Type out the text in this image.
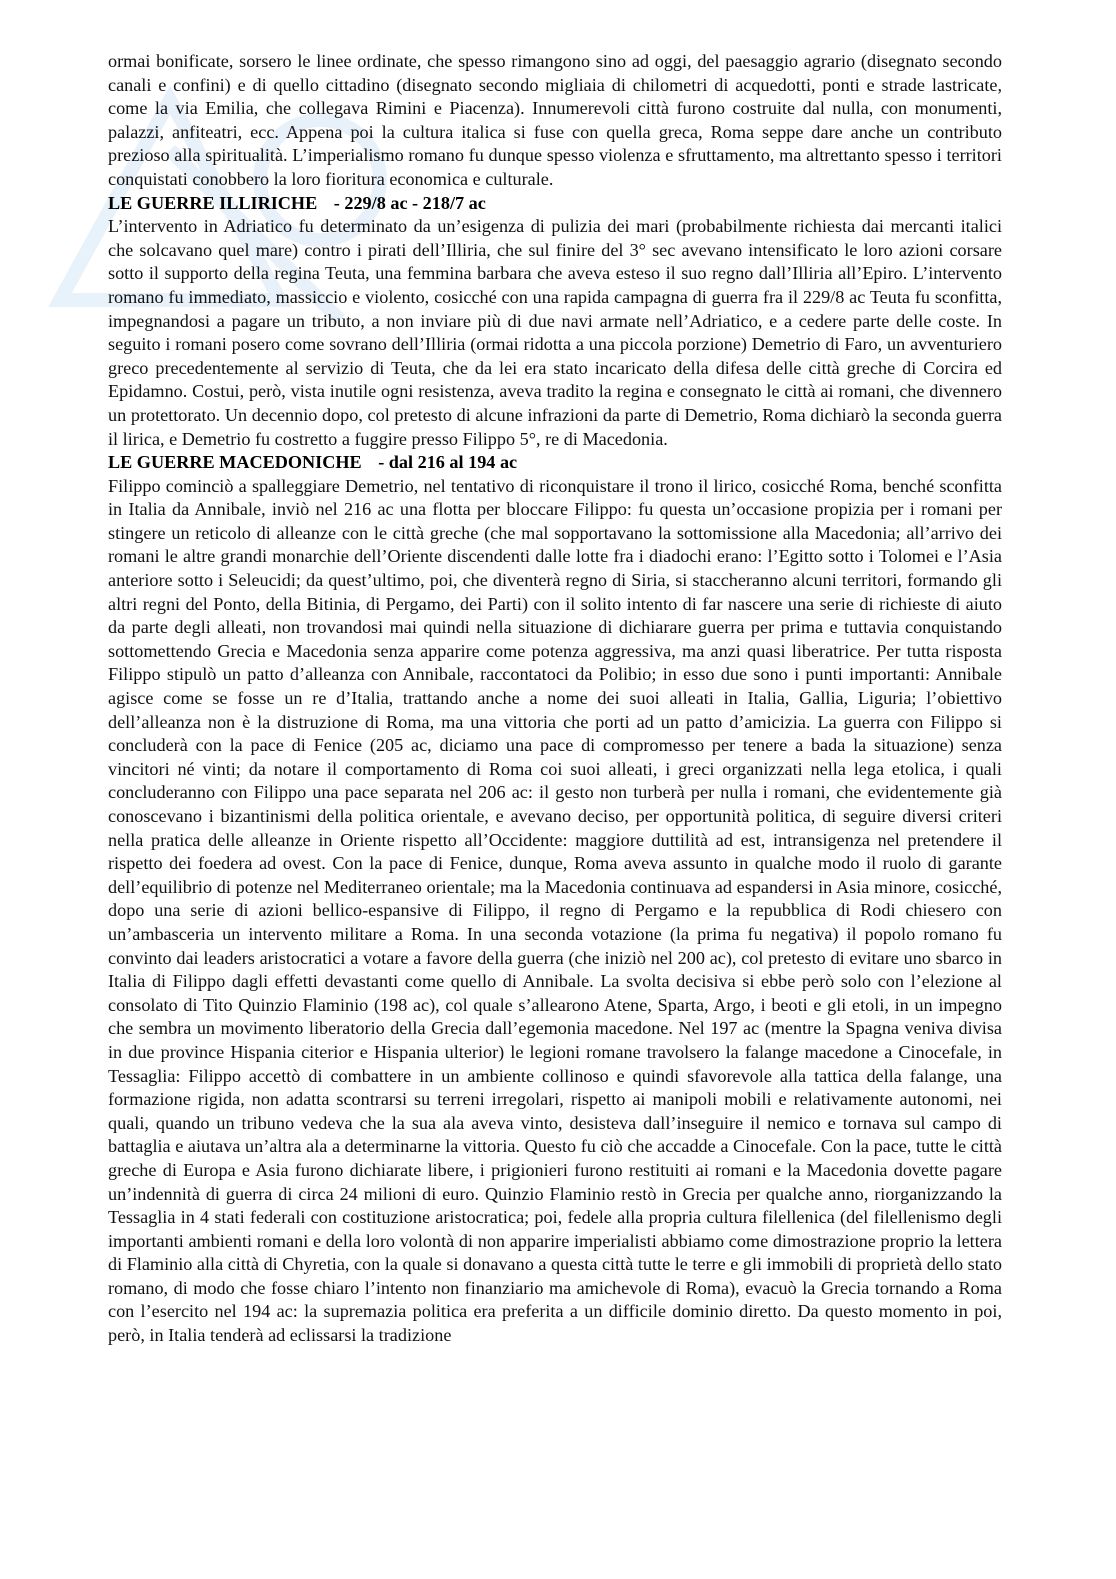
ormai bonificate, sorsero le linee ordinate, che spesso rimangono sino ad oggi, del paesaggio agrario (disegnato secondo canali e confini) e di quello cittadino (disegnato secondo migliaia di chilometri di acquedotti, ponti e strade lastricate, come la via Emilia, che collegava Rimini e Piacenza). Innumerevoli città furono costruite dal nulla, con monumenti, palazzi, anfiteatri, ecc. Appena poi la cultura italica si fuse con quella greca, Roma seppe dare anche un contributo prezioso alla spiritualità. L’imperialismo romano fu dunque spesso violenza e sfruttamento, ma altrettanto spesso i territori conquistati conobbero la loro fioritura economica e culturale.

LE GUERRE ILLIRICHE - 229/8 ac - 218/7 ac

L’intervento in Adriatico fu determinato da un’esigenza di pulizia dei mari (probabilmente richiesta dai mercanti italici che solcavano quel mare) contro i pirati dell’Illiria, che sul finire del 3° sec avevano intensificato le loro azioni corsare sotto il supporto della regina Teuta, una femmina barbara che aveva esteso il suo regno dall’Illiria all’Epiro. L’intervento romano fu immediato, massiccio e violento, cosicché con una rapida campagna di guerra fra il 229/8 ac Teuta fu sconfitta, impegnandosi a pagare un tributo, a non inviare più di due navi armate nell’Adriatico, e a cedere parte delle coste. In seguito i romani posero come sovrano dell’Illiria (ormai ridotta a una piccola porzione) Demetrio di Faro, un avventuriero greco precedentemente al servizio di Teuta, che da lei era stato incaricato della difesa delle città greche di Corcira ed Epidamno. Costui, però, vista inutile ogni resistenza, aveva tradito la regina e consegnato le città ai romani, che divennero un protettorato. Un decennio dopo, col pretesto di alcune infrazioni da parte di Demetrio, Roma dichiarò la seconda guerra il lirica, e Demetrio fu costretto a fuggire presso Filippo 5°, re di Macedonia.

LE GUERRE MACEDONICHE - dal 216 al 194 ac

Filippo cominciò a spalleggiare Demetrio, nel tentativo di riconquistare il trono il lirico, cosicché Roma, benché sconfitta in Italia da Annibale, inviò nel 216 ac una flotta per bloccare Filippo: fu questa un’occasione propizia per i romani per stingere un reticolo di alleanze con le città greche (che mal sopportavano la sottomissione alla Macedonia; all’arrivo dei romani le altre grandi monarchie dell’Oriente discendenti dalle lotte fra i diadochi erano: l’Egitto sotto i Tolomei e l’Asia anteriore sotto i Seleucidi; da quest’ultimo, poi, che diventerà regno di Siria, si staccheranno alcuni territori, formando gli altri regni del Ponto, della Bitinia, di Pergamo, dei Parti) con il solito intento di far nascere una serie di richieste di aiuto da parte degli alleati, non trovandosi mai quindi nella situazione di dichiarare guerra per prima e tuttavia conquistando sottomettendo Grecia e Macedonia senza apparire come potenza aggressiva, ma anzi quasi liberatrice. Per tutta risposta Filippo stipulò un patto d’alleanza con Annibale, raccontatoci da Polibio; in esso due sono i punti importanti: Annibale agisce come se fosse un re d’Italia, trattando anche a nome dei suoi alleati in Italia, Gallia, Liguria; l’obiettivo dell’alleanza non è la distruzione di Roma, ma una vittoria che porti ad un patto d’amicizia. La guerra con Filippo si concluderà con la pace di Fenice (205 ac, diciamo una pace di compromesso per tenere a bada la situazione) senza vincitori né vinti; da notare il comportamento di Roma coi suoi alleati, i greci organizzati nella lega etolica, i quali concluderanno con Filippo una pace separata nel 206 ac: il gesto non turberà per nulla i romani, che evidentemente già conoscevano i bizantinismi della politica orientale, e avevano deciso, per opportunità politica, di seguire diversi criteri nella pratica delle alleanze in Oriente rispetto all’Occidente: maggiore duttilità ad est, intransigenza nel pretendere il rispetto dei foedera ad ovest. Con la pace di Fenice, dunque, Roma aveva assunto in qualche modo il ruolo di garante dell’equilibrio di potenze nel Mediterraneo orientale; ma la Macedonia continuava ad espandersi in Asia minore, cosicché, dopo una serie di azioni bellico-espansive di Filippo, il regno di Pergamo e la repubblica di Rodi chiesero con un’ambasceria un intervento militare a Roma. In una seconda votazione (la prima fu negativa) il popolo romano fu convinto dai leaders aristocratici a votare a favore della guerra (che iniziò nel 200 ac), col pretesto di evitare uno sbarco in Italia di Filippo dagli effetti devastanti come quello di Annibale. La svolta decisiva si ebbe però solo con l’elezione al consolato di Tito Quinzio Flaminio (198 ac), col quale s’allearono Atene, Sparta, Argo, i beoti e gli etoli, in un impegno che sembra un movimento liberatorio della Grecia dall’egemonia macedone. Nel 197 ac (mentre la Spagna veniva divisa in due province Hispania citerior e Hispania ulterior) le legioni romane travolsero la falange macedone a Cinocefale, in Tessaglia: Filippo accettò di combattere in un ambiente collinoso e quindi sfavorevole alla tattica della falange, una formazione rigida, non adatta scontrarsi su terreni irregolari, rispetto ai manipoli mobili e relativamente autonomi, nei quali, quando un tribuno vedeva che la sua ala aveva vinto, desisteva dall’inseguire il nemico e tornava sul campo di battaglia e aiutava un’altra ala a determinarne la vittoria. Questo fu ciò che accadde a Cinocefale. Con la pace, tutte le città greche di Europa e Asia furono dichiarate libere, i prigionieri furono restituiti ai romani e la Macedonia dovette pagare un’indennità di guerra di circa 24 milioni di euro. Quinzio Flaminio restò in Grecia per qualche anno, riorganizzando la Tessaglia in 4 stati federali con costituzione aristocratica; poi, fedele alla propria cultura filellenica (del filellenismo degli importanti ambienti romani e della loro volontà di non apparire imperialisti abbiamo come dimostrazione proprio la lettera di Flaminio alla città di Chyretia, con la quale si donavano a questa città tutte le terre e gli immobili di proprietà dello stato romano, di modo che fosse chiaro l’intento non finanziario ma amichevole di Roma), evacuò la Grecia tornando a Roma con l’esercito nel 194 ac: la supremazia politica era preferita a un difficile dominio diretto. Da questo momento in poi, però, in Italia tenderà ad eclissarsi la tradizione
